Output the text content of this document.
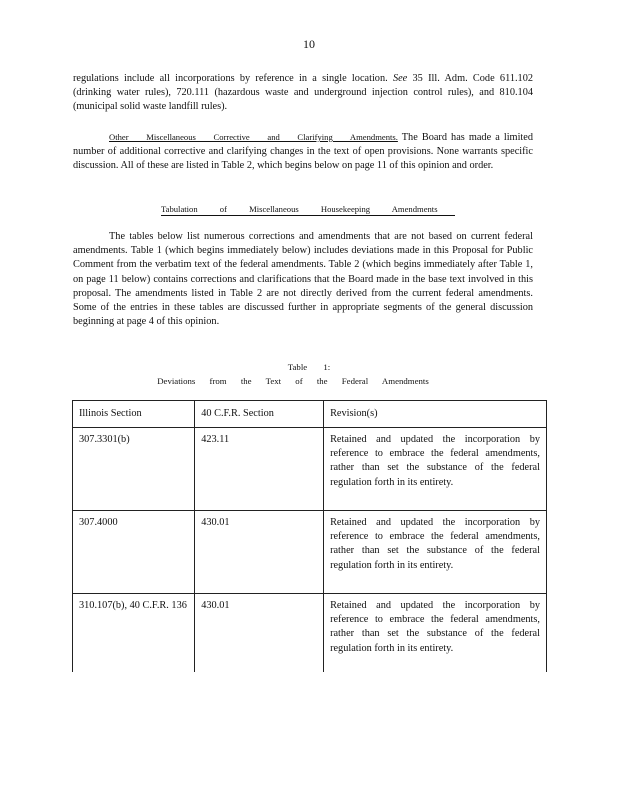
10

regulations include all incorporations by reference in a single location. See 35 Ill. Adm. Code 611.102 (drinking water rules), 720.111 (hazardous waste and underground injection control rules), and 810.104 (municipal solid waste landfill rules).

Other Miscellaneous Corrective and Clarifying Amendments. The Board has made a limited number of additional corrective and clarifying changes in the text of open provisions. None warrants specific discussion. All of these are listed in Table 2, which begins below on page 11 of this opinion and order.

Tabulation of Miscellaneous Housekeeping Amendments

The tables below list numerous corrections and amendments that are not based on current federal amendments. Table 1 (which begins immediately below) includes deviations made in this Proposal for Public Comment from the verbatim text of the federal amendments. Table 2 (which begins immediately after Table 1, on page 11 below) contains corrections and clarifications that the Board made in the base text involved in this proposal. The amendments listed in Table 2 are not directly derived from the current federal amendments. Some of the entries in these tables are discussed further in appropriate segments of the general discussion beginning at page 4 of this opinion.

Table 1:
Deviations from the Text of the Federal Amendments
Illinois Section	40 C.F.R. Section	Revision(s)
307.3301(b)	423.11	Retained and updated the incorporation by reference to embrace the federal amendments, rather than set the substance of the federal regulation forth in its entirety.
307.4000	430.01	Retained and updated the incorporation by reference to embrace the federal amendments, rather than set the substance of the federal regulation forth in its entirety.
310.107(b), 40 C.F.R. 136	430.01	Retained and updated the incorporation by reference to embrace the federal amendments, rather than set the substance of the federal regulation forth in its entirety.
